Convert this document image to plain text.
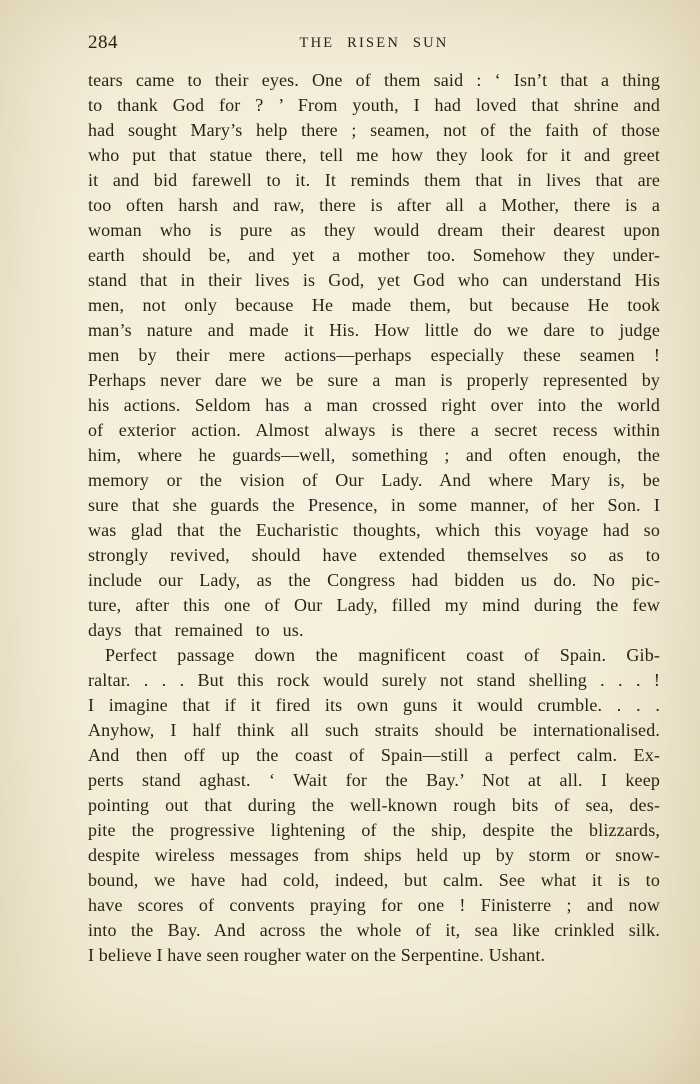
284	THE RISEN SUN
tears came to their eyes. One of them said : ‘ Isn’t that a thing
to thank God for ? ’ From youth, I had loved that shrine and
had sought Mary’s help there ; seamen, not of the faith of those
who put that statue there, tell me how they look for it and greet
it and bid farewell to it. It reminds them that in lives that are
too often harsh and raw, there is after all a Mother, there is a
woman who is pure as they would dream their dearest upon
earth should be, and yet a mother too. Somehow they under-
stand that in their lives is God, yet God who can understand His
men, not only because He made them, but because He took
man’s nature and made it His. How little do we dare to judge
men by their mere actions—perhaps especially these seamen !
Perhaps never dare we be sure a man is properly represented by
his actions. Seldom has a man crossed right over into the world
of exterior action. Almost always is there a secret recess within
him, where he guards—well, something ; and often enough, the
memory or the vision of Our Lady. And where Mary is, be
sure that she guards the Presence, in some manner, of her Son. I
was glad that the Eucharistic thoughts, which this voyage had so
strongly revived, should have extended themselves so as to
include our Lady, as the Congress had bidden us do. No pic-
ture, after this one of Our Lady, filled my mind during the few
days that remained to us.
Perfect passage down the magnificent coast of Spain. Gib-
raltar. . . . But this rock would surely not stand shelling . . . !
I imagine that if it fired its own guns it would crumble. . . .
Anyhow, I half think all such straits should be internationalised.
And then off up the coast of Spain—still a perfect calm. Ex-
perts stand aghast. ‘ Wait for the Bay.’ Not at all. I keep
pointing out that during the well-known rough bits of sea, des-
pite the progressive lightening of the ship, despite the blizzards,
despite wireless messages from ships held up by storm or snow-
bound, we have had cold, indeed, but calm. See what it is to
have scores of convents praying for one ! Finisterre ; and now
into the Bay. And across the whole of it, sea like crinkled silk.
I believe I have seen rougher water on the Serpentine. Ushant.
